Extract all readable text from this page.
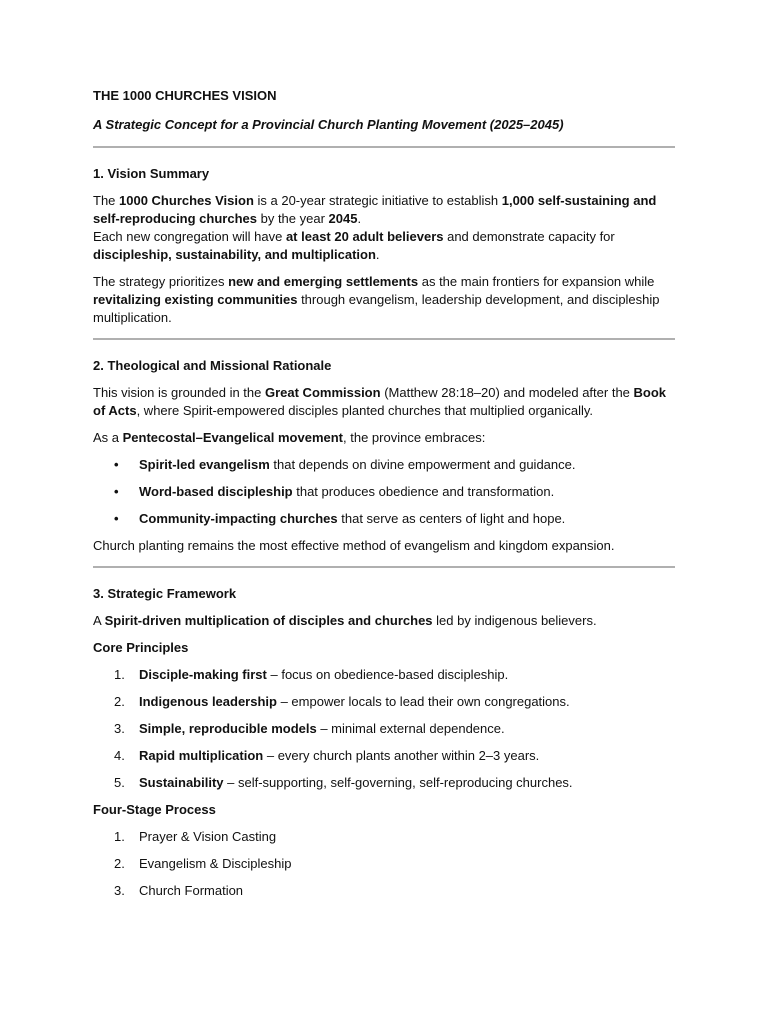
THE 1000 CHURCHES VISION

A Strategic Concept for a Provincial Church Planting Movement (2025–2045)

1. Vision Summary

The 1000 Churches Vision is a 20-year strategic initiative to establish 1,000 self-sustaining and self-reproducing churches by the year 2045.

Each new congregation will have at least 20 adult believers and demonstrate capacity for discipleship, sustainability, and multiplication.

The strategy prioritizes new and emerging settlements as the main frontiers for expansion while revitalizing existing communities through evangelism, leadership development, and discipleship multiplication.

2. Theological and Missional Rationale

This vision is grounded in the Great Commission (Matthew 28:18–20) and modeled after the Book of Acts, where Spirit-empowered disciples planted churches that multiplied organically.

As a Pentecostal–Evangelical movement, the province embraces:

•	Spirit-led evangelism that depends on divine empowerment and guidance.
•	Word-based discipleship that produces obedience and transformation.
•	Community-impacting churches that serve as centers of light and hope.

Church planting remains the most effective method of evangelism and kingdom expansion.

3. Strategic Framework

A Spirit-driven multiplication of disciples and churches led by indigenous believers.

Core Principles

1.	Disciple-making first – focus on obedience-based discipleship.
2.	Indigenous leadership – empower locals to lead their own congregations.
3.	Simple, reproducible models – minimal external dependence.
4.	Rapid multiplication – every church plants another within 2–3 years.
5.	Sustainability – self-supporting, self-governing, self-reproducing churches.

Four-Stage Process

1.	Prayer & Vision Casting
2.	Evangelism & Discipleship
3.	Church Formation
